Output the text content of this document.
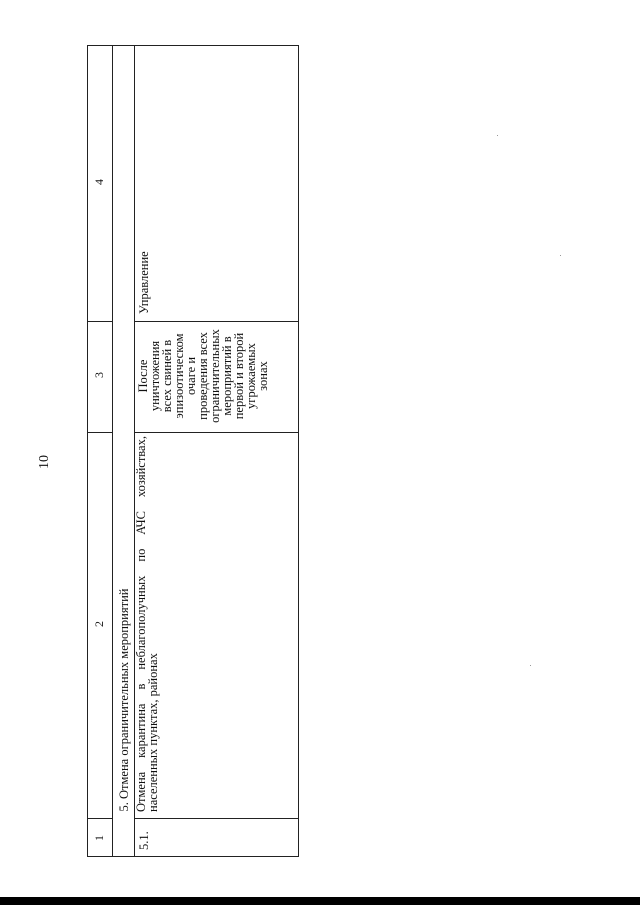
10
1
2
3
4
5. Отмена ограничительных мероприятий
5.1.
Отмена
карантина
в
неблагополучных
по
АЧС
хозяйствах,
населенных пунктах, районах
После
уничтожения
всех свиней в
эпизоотическом
очаге и
проведения всех
ограничительных
мероприятий в
первой и второй
угрожаемых
зонах
Управление
